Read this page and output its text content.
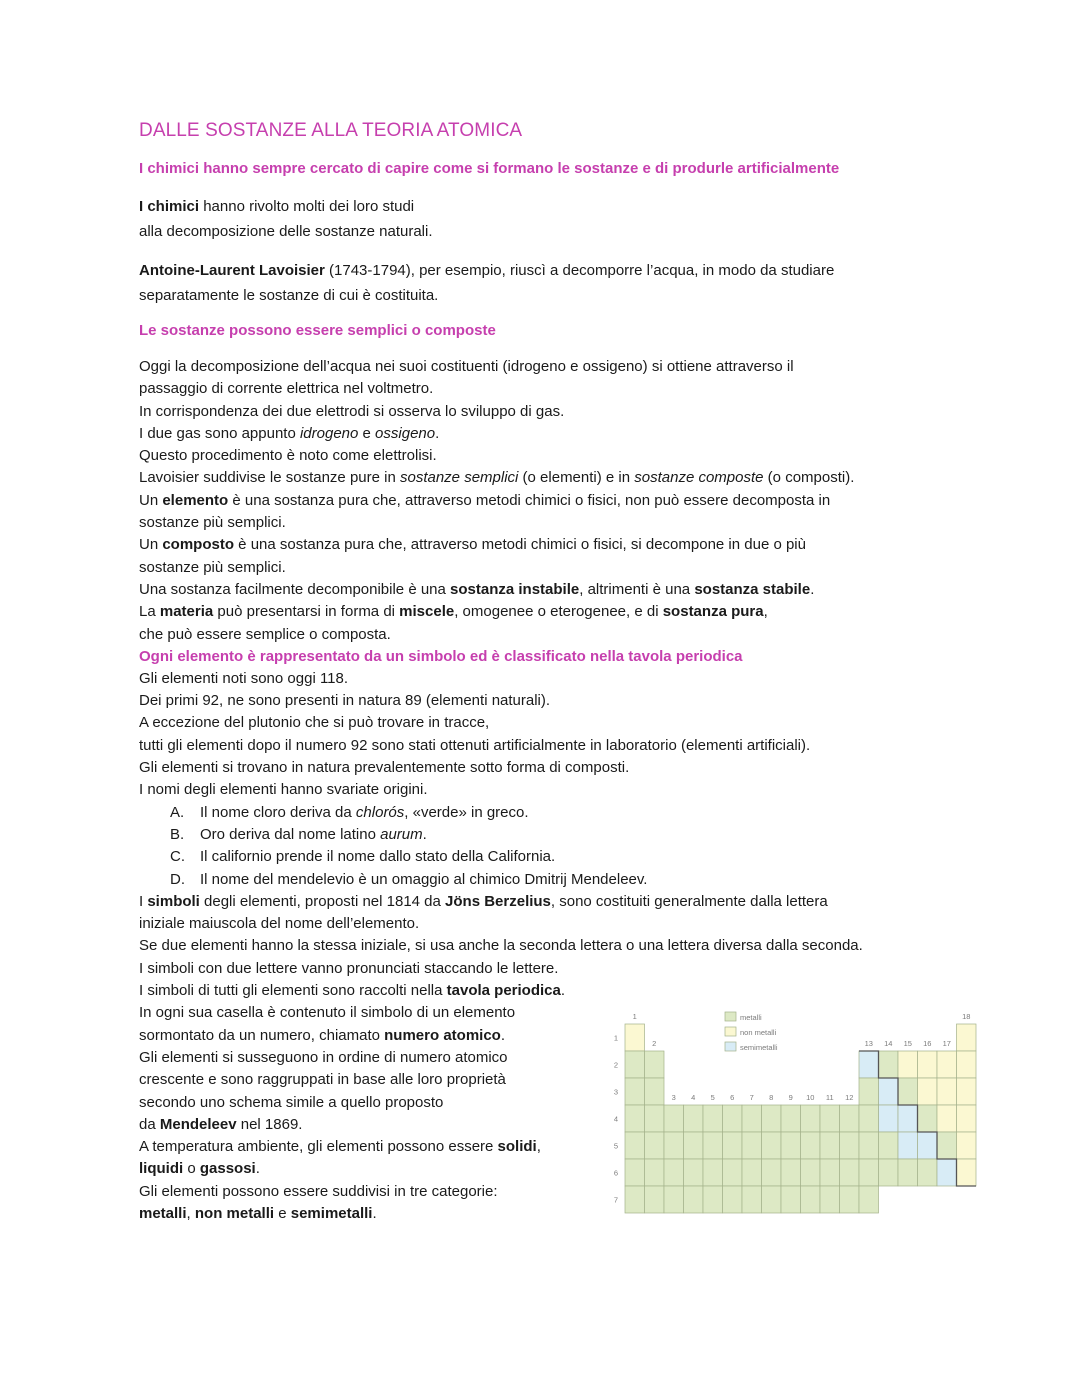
DALLE SOSTANZE ALLA TEORIA ATOMICA
I chimici hanno sempre cercato di capire come si formano le sostanze e di produrle artificialmente

I chimici hanno rivolto molti dei loro studi

alla decomposizione delle sostanze naturali.

Antoine-Laurent Lavoisier (1743-1794), per esempio, riuscì a decomporre l’acqua, in modo da studiare

separatamente le sostanze di cui è costituita.

Le sostanze possono essere semplici o composte

Oggi la decomposizione dell’acqua nei suoi costituenti (idrogeno e ossigeno) si ottiene attraverso il

passaggio di corrente elettrica nel voltmetro.

In corrispondenza dei due elettrodi si osserva lo sviluppo di gas.

I due gas sono appunto idrogeno e ossigeno.

Questo procedimento è noto come elettrolisi.

Lavoisier suddivise le sostanze pure in sostanze semplici (o elementi) e in sostanze composte (o composti).

Un elemento è una sostanza pura che, attraverso metodi chimici o fisici, non può essere decomposta in

sostanze più semplici.

Un composto è una sostanza pura che, attraverso metodi chimici o fisici, si decompone in due o più

sostanze più semplici.

Una sostanza facilmente decomponibile è una sostanza instabile, altrimenti è una sostanza stabile.

La materia può presentarsi in forma di miscele, omogenee o eterogenee, e di sostanza pura,

che può essere semplice o composta.

Ogni elemento è rappresentato da un simbolo ed è classificato nella tavola periodica

Gli elementi noti sono oggi 118.

Dei primi 92, ne sono presenti in natura 89 (elementi naturali).

A eccezione del plutonio che si può trovare in tracce,

tutti gli elementi dopo il numero 92 sono stati ottenuti artificialmente in laboratorio (elementi artificiali).

Gli elementi si trovano in natura prevalentemente sotto forma di composti.

I nomi degli elementi hanno svariate origini.

A. Il nome cloro deriva da chlorós, «verde» in greco.
B. Oro deriva dal nome latino aurum.
C. Il californio prende il nome dallo stato della California.
D. Il nome del mendelevio è un omaggio al chimico Dmitrij Mendeleev.

I simboli degli elementi, proposti nel 1814 da Jöns Berzelius, sono costituiti generalmente dalla lettera

iniziale maiuscola del nome dell’elemento.

Se due elementi hanno la stessa iniziale, si usa anche la seconda lettera o una lettera diversa dalla seconda.

I simboli con due lettere vanno pronunciati staccando le lettere.

I simboli di tutti gli elementi sono raccolti nella tavola periodica.

In ogni sua casella è contenuto il simbolo di un elemento

sormontato da un numero, chiamato numero atomico.

Gli elementi si susseguono in ordine di numero atomico

crescente e sono raggruppati in base alle loro proprietà

secondo uno schema simile a quello proposto

da Mendeleev nel 1869.

A temperatura ambiente, gli elementi possono essere solidi,

liquidi o gassosi.

Gli elementi possono essere suddivisi in tre categorie:

metalli, non metalli e semimetalli.

1
2
3 4 5 6 7 8 9 10 11 12
13 14 15 16 17
18
1
2
3
4
5
6
7
metalli
non metalli
semimetalli
